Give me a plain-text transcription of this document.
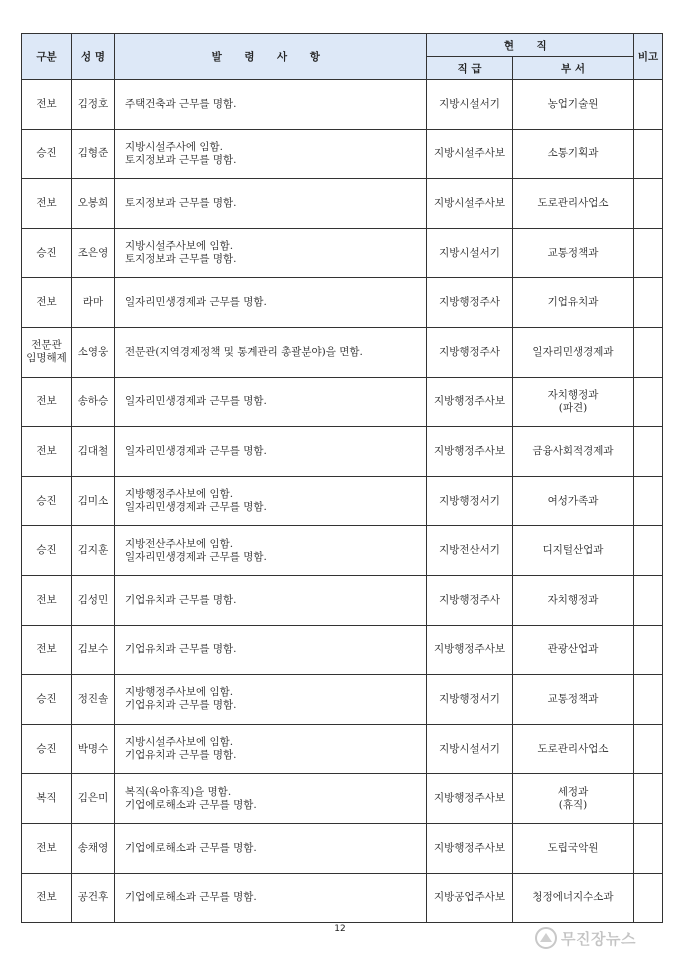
구분	성 명	발 령 사 항	현 직		비고
			직 급	부 서	

전보	김정호	주택건축과 근무를 명함.	지방시설서기	농업기술원	

승진	김형준	지방시설주사에 임함.
토지정보과 근무를 명함.	지방시설주사보	소통기획과	

전보	오봉희	토지정보과 근무를 명함.	지방시설주사보	도로관리사업소	

승진	조은영	지방시설주사보에 임함.
토지정보과 근무를 명함.	지방시설서기	교통정책과	

전보	라마	일자리민생경제과 근무를 명함.	지방행정주사	기업유치과	

전문관
임명해제	소영웅	전문관(지역경제정책 및 통계관리 총괄분야)을 면함.	지방행정주사	일자리민생경제과	

전보	송하승	일자리민생경제과 근무를 명함.	지방행정주사보	자치행정과
(파견)	

전보	김대철	일자리민생경제과 근무를 명함.	지방행정주사보	금융사회적경제과	

승진	김미소	지방행정주사보에 임함.
일자리민생경제과 근무를 명함.	지방행정서기	여성가족과	

승진	김지훈	지방전산주사보에 임함.
일자리민생경제과 근무를 명함.	지방전산서기	디지털산업과	

전보	김성민	기업유치과 근무를 명함.	지방행정주사	자치행정과	

전보	김보수	기업유치과 근무를 명함.	지방행정주사보	관광산업과	

승진	정진솔	지방행정주사보에 임함.
기업유치과 근무를 명함.	지방행정서기	교통정책과	

승진	박명수	지방시설주사보에 임함.
기업유치과 근무를 명함.	지방시설서기	도로관리사업소	

복직	김은미	복직(육아휴직)을 명함.
기업에로해소과 근무를 명함.	지방행정주사보	세정과
(휴직)	

전보	송채영	기업에로해소과 근무를 명함.	지방행정주사보	도립국악원	

전보	공건후	기업에로해소과 근무를 명함.	지방공업주사보	청정에너지수소과	

12
무진장뉴스
